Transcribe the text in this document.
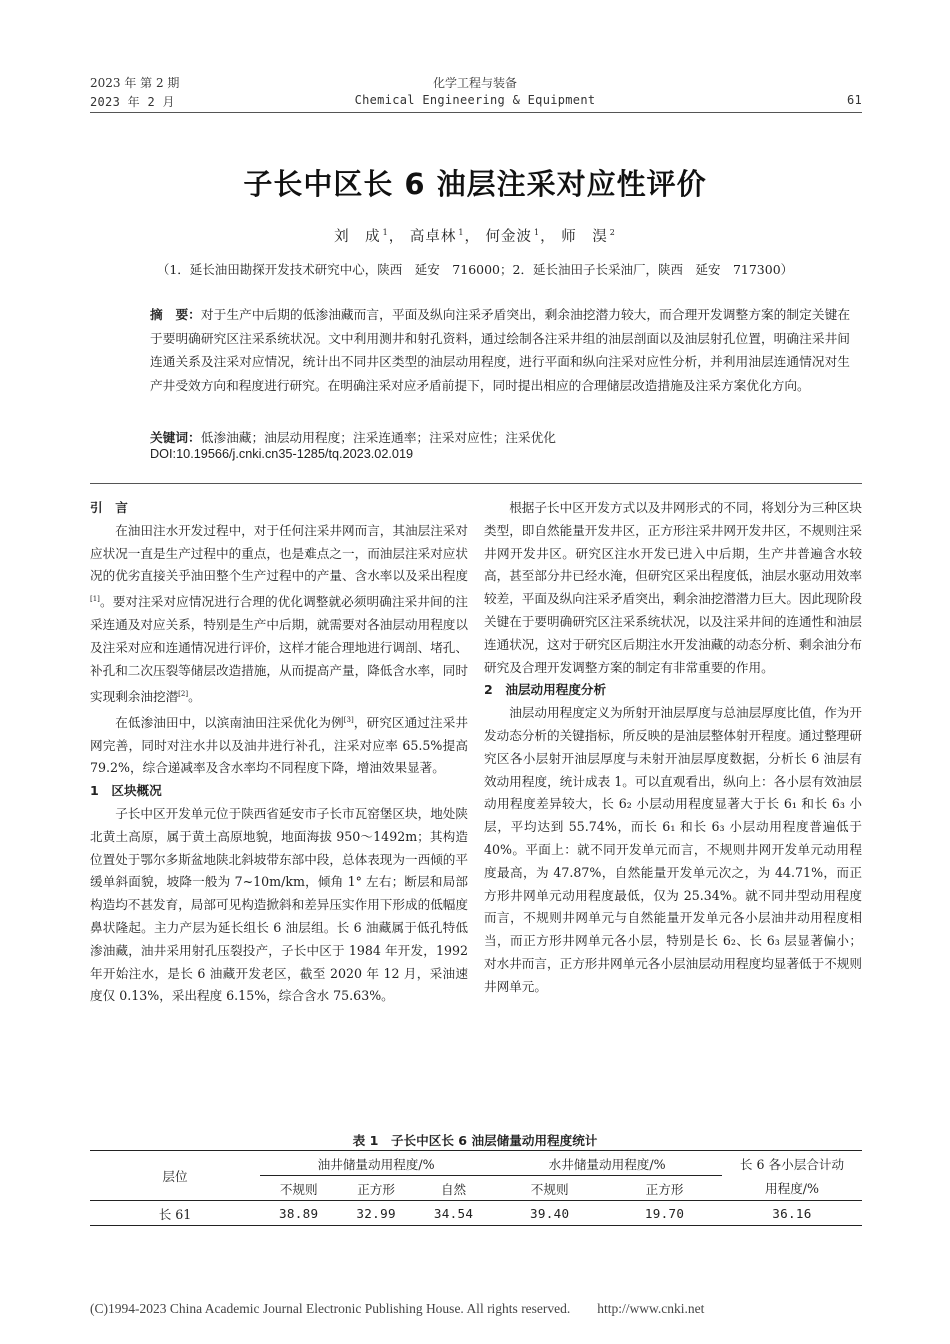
2023 年 第 2 期
2023 年 2 月
化学工程与装备
Chemical Engineering & Equipment	61
子长中区长 6 油层注采对应性评价
刘　成 $^1$， 高卓林 $^1$， 何金波 $^1$， 师　淏 $^2$
（1．延长油田勘探开发技术研究中心，陕西　延安　716000；2．延长油田子长采油厂，陕西　延安　717300）
摘　要：对于生产中后期的低渗油藏而言，平面及纵向注采矛盾突出，剩余油挖潜力较大，而合理开发调整方案的制定关键在于要明确研究区注采系统状况。文中利用测井和射孔资料，通过绘制各注采井组的油层剖面以及油层射孔位置，明确注采井间连通关系及注采对应情况，统计出不同井区类型的油层动用程度，进行平面和纵向注采对应性分析，并利用油层连通情况对生产井受效方向和程度进行研究。在明确注采对应矛盾前提下，同时提出相应的合理储层改造措施及注采方案优化方向。
关键词：低渗油藏；油层动用程度；注采连通率；注采对应性；注采优化
DOI:10.19566/j.cnki.cn35-1285/tq.2023.02.019

引　言

在油田注水开发过程中，对于任何注采井网而言，其油层注采对应状况一直是生产过程中的重点，也是难点之一，而油层注采对应状况的优劣直接关乎油田整个生产过程中的产量、含水率以及采出程度[1]。要对注采对应情况进行合理的优化调整就必须明确注采井间的注采连通及对应关系，特别是生产中后期，就需要对各油层动用程度以及注采对应和连通情况进行评价，这样才能合理地进行调剖、堵孔、补孔和二次压裂等储层改造措施，从而提高产量，降低含水率，同时实现剩余油挖潜[2]。

在低渗油田中，以滨南油田注采优化为例[3]，研究区通过注采井网完善，同时对注水井以及油井进行补孔，注采对应率 65.5%提高 79.2%，综合递减率及含水率均不同程度下降，增油效果显著。

1　区块概况

子长中区开发单元位于陕西省延安市子长市瓦窑堡区块，地处陕北黄土高原，属于黄土高原地貌，地面海拔 950～1492m；其构造位置处于鄂尔多斯盆地陕北斜坡带东部中段，总体表现为一西倾的平缓单斜面貌，坡降一般为 7~10m/km，倾角 1° 左右；断层和局部构造均不甚发育，局部可见构造掀斜和差异压实作用下形成的低幅度鼻状隆起。主力产层为延长组长 6 油层组。长 6 油藏属于低孔特低渗油藏，油井采用射孔压裂投产，子长中区于 1984 年开发，1992 年开始注水，是长 6 油藏开发老区，截至 2020 年 12 月，采油速度仅 0.13%，采出程度 6.15%，综合含水 75.63%。

根据子长中区开发方式以及井网形式的不同，将划分为三种区块类型，即自然能量开发井区，正方形注采井网开发井区，不规则注采井网开发井区。研究区注水开发已进入中后期，生产井普遍含水较高，甚至部分井已经水淹，但研究区采出程度低，油层水驱动用效率较差，平面及纵向注采矛盾突出，剩余油挖潜潜力巨大。因此现阶段关键在于要明确研究区注采系统状况，以及注采井间的连通性和油层连通状况，这对于研究区后期注水开发油藏的动态分析、剩余油分布研究及合理开发调整方案的制定有非常重要的作用。

2　油层动用程度分析

油层动用程度定义为所射开油层厚度与总油层厚度比值，作为开发动态分析的关键指标，所反映的是油层整体射开程度。通过整理研究区各小层射开油层厚度与未射开油层厚度数据，分析长 6 油层有效动用程度，统计成表 1。可以直观看出，纵向上：各小层有效油层动用程度差异较大，长 6₂ 小层动用程度显著大于长 6₁ 和长 6₃ 小层，平均达到 55.74%，而长 6₁ 和长 6₃ 小层动用程度普遍低于 40%。平面上：就不同开发单元而言，不规则井网开发单元动用程度最高，为 47.87%，自然能量开发单元次之，为 44.71%，而正方形井网单元动用程度最低，仅为 25.34%。就不同井型动用程度而言，不规则井网单元与自然能量开发单元各小层油井动用程度相当，而正方形井网单元各小层，特别是长 6₂、长 6₃ 层显著偏小；对水井而言，正方形井网单元各小层油层动用程度均显著低于不规则井网单元。

表 1　子长中区长 6 油层储量动用程度统计
层位	油井储量动用程度/%			水井储量动用程度/%		长 6 各小层合计动
	不规则	正方形	自然	不规则	正方形	用程度/%
长 61	38.89	32.99	34.54	39.40	19.70	36.16
(C)1994-2023 China Academic Journal Electronic Publishing House. All rights reserved.　　http://www.cnki.net
